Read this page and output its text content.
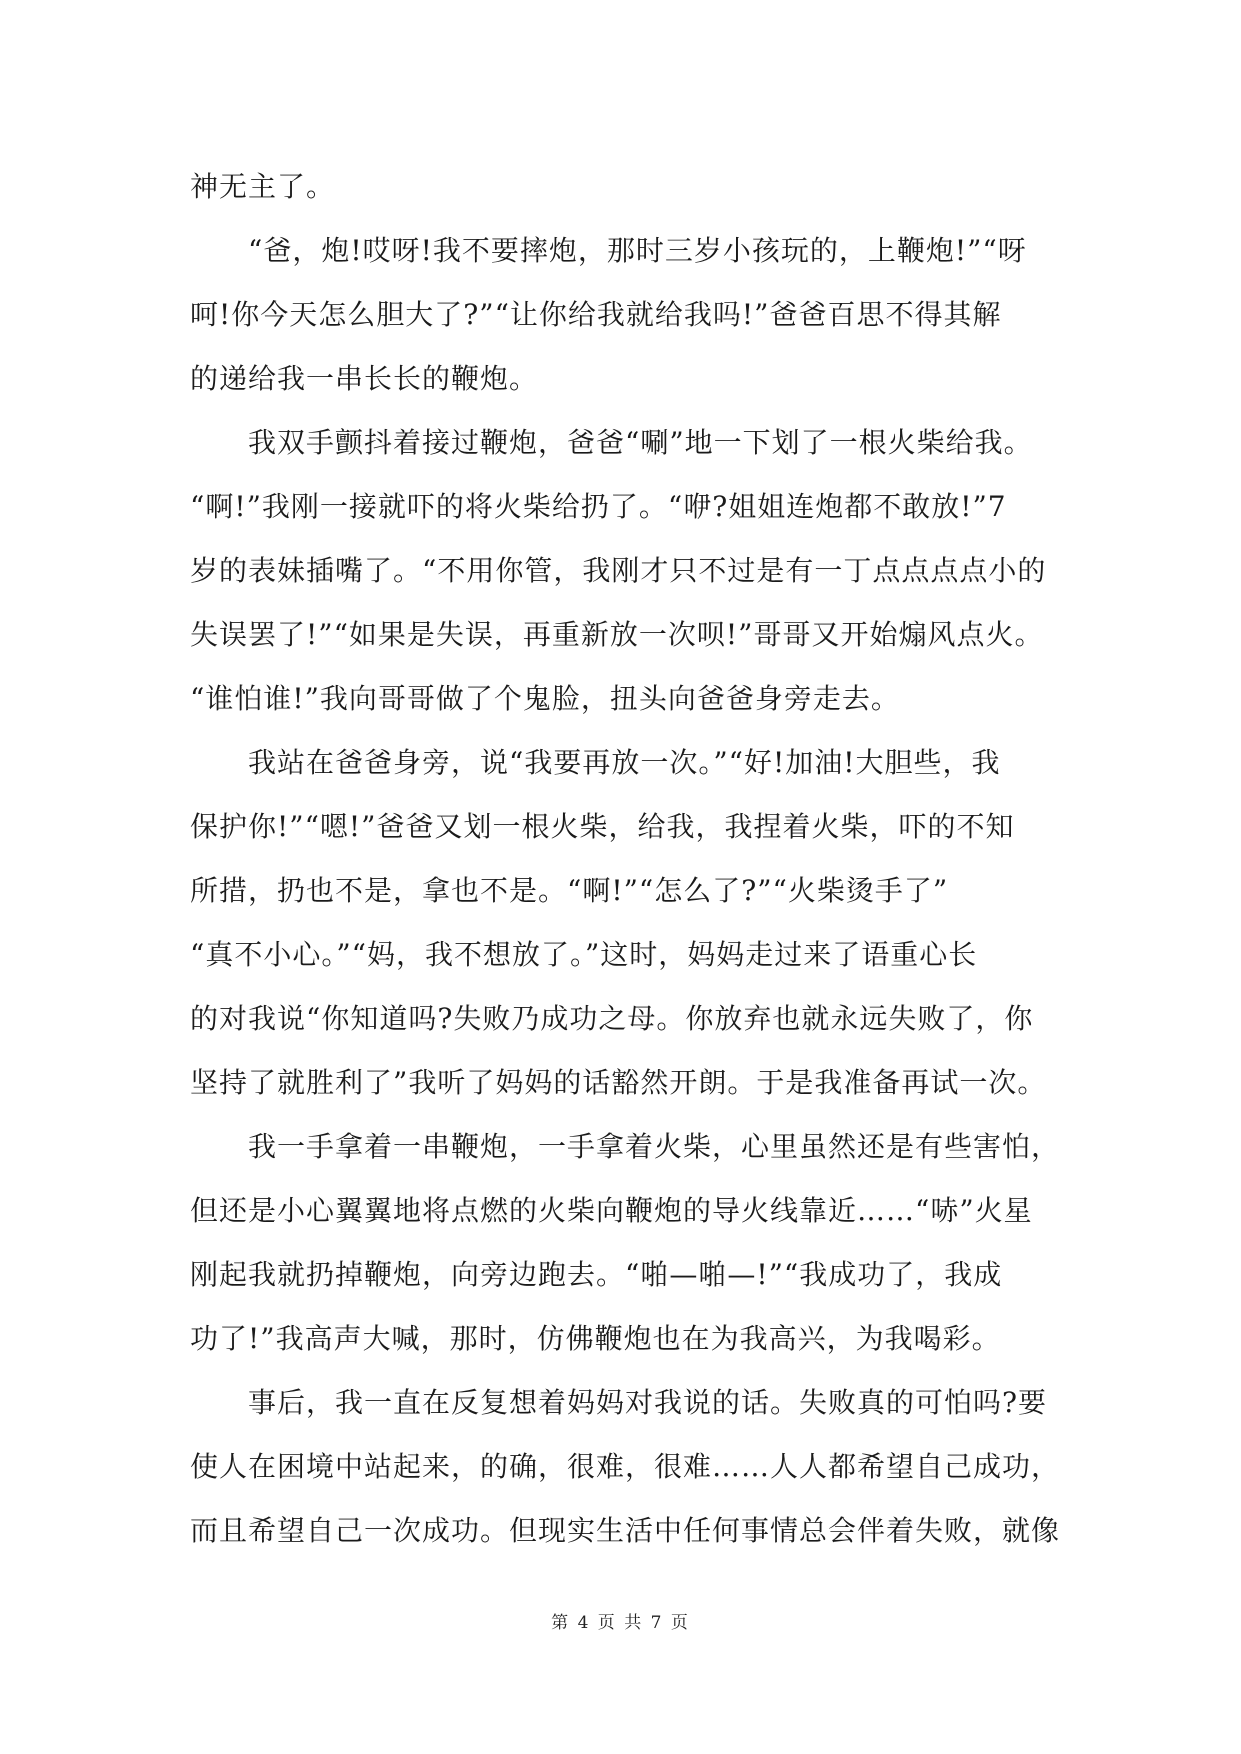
神无主了。
　　“爸，炮!哎呀!我不要摔炮，那时三岁小孩玩的，上鞭炮!”“呀
呵!你今天怎么胆大了?”“让你给我就给我吗!”爸爸百思不得其解
的递给我一串长长的鞭炮。
　　我双手颤抖着接过鞭炮，爸爸“唰”地一下划了一根火柴给我。
“啊!”我刚一接就吓的将火柴给扔了。“咿?姐姐连炮都不敢放!”7
岁的表妹插嘴了。“不用你管，我刚才只不过是有一丁点点点点小的
失误罢了!”“如果是失误，再重新放一次呗!”哥哥又开始煽风点火。
“谁怕谁!”我向哥哥做了个鬼脸，扭头向爸爸身旁走去。
　　我站在爸爸身旁，说“我要再放一次。”“好!加油!大胆些，我
保护你!”“嗯!”爸爸又划一根火柴，给我，我捏着火柴，吓的不知
所措，扔也不是，拿也不是。“啊!”“怎么了?”“火柴烫手了”
“真不小心。”“妈，我不想放了。”这时，妈妈走过来了语重心长
的对我说“你知道吗?失败乃成功之母。你放弃也就永远失败了，你
坚持了就胜利了”我听了妈妈的话豁然开朗。于是我准备再试一次。
　　我一手拿着一串鞭炮，一手拿着火柴，心里虽然还是有些害怕，
但还是小心翼翼地将点燃的火柴向鞭炮的导火线靠近……“哧”火星
刚起我就扔掉鞭炮，向旁边跑去。“啪—啪—!”“我成功了，我成
功了!”我高声大喊，那时，仿佛鞭炮也在为我高兴，为我喝彩。
　　事后，我一直在反复想着妈妈对我说的话。失败真的可怕吗?要
使人在困境中站起来，的确，很难，很难……人人都希望自己成功，
而且希望自己一次成功。但现实生活中任何事情总会伴着失败，就像
第 4 页 共 7 页
